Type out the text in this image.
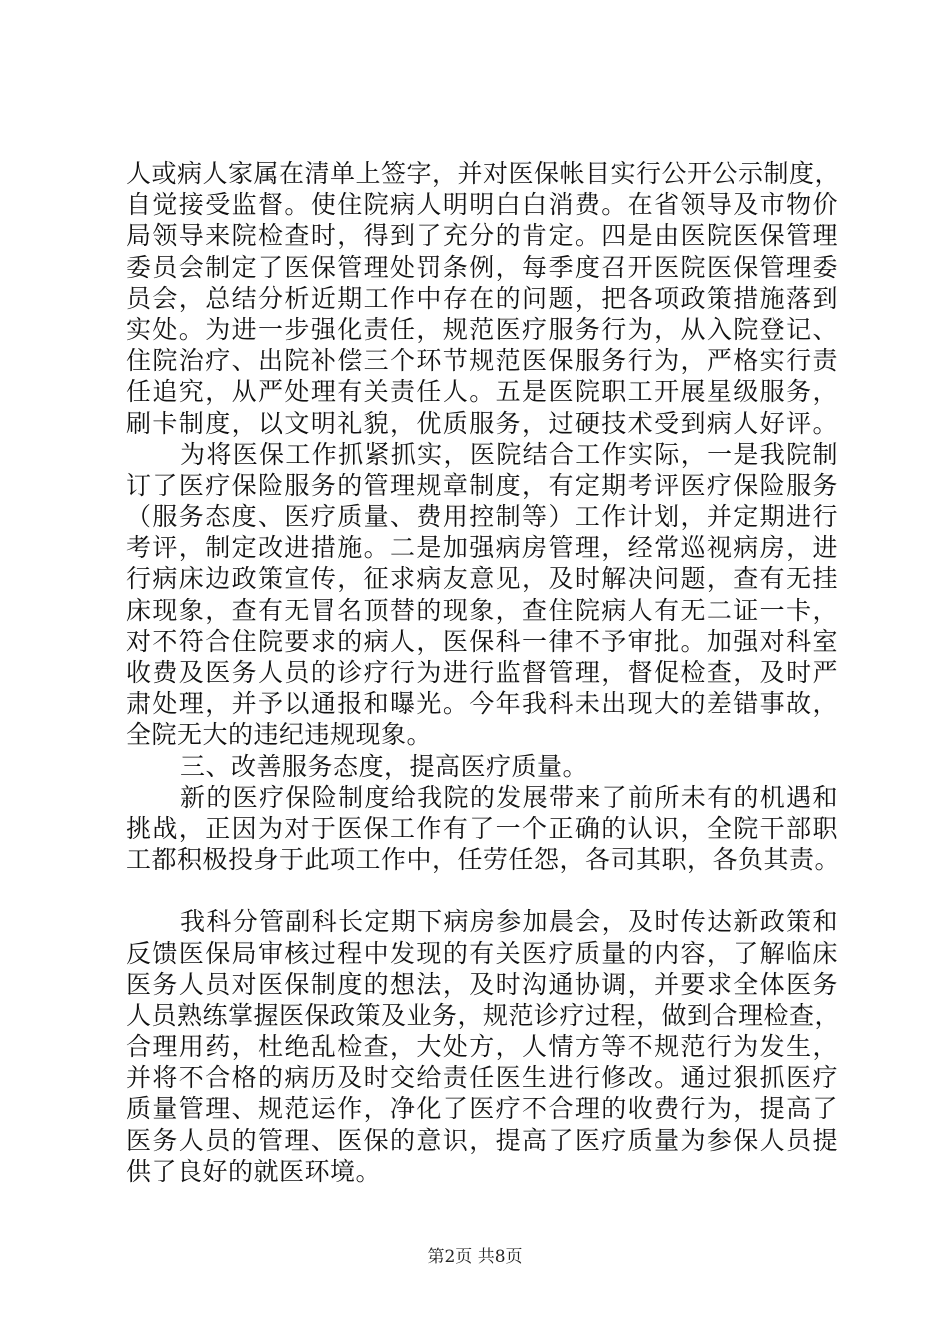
人或病人家属在清单上签字，并对医保帐目实行公开公示制度，
自觉接受监督。使住院病人明明白白消费。在省领导及市物价
局领导来院检查时，得到了充分的肯定。四是由医院医保管理
委员会制定了医保管理处罚条例，每季度召开医院医保管理委
员会，总结分析近期工作中存在的问题，把各项政策措施落到
实处。为进一步强化责任，规范医疗服务行为，从入院登记、
住院治疗、出院补偿三个环节规范医保服务行为，严格实行责
任追究，从严处理有关责任人。五是医院职工开展星级服务，
刷卡制度，以文明礼貌，优质服务，过硬技术受到病人好评。
为将医保工作抓紧抓实，医院结合工作实际，一是我院制
订了医疗保险服务的管理规章制度，有定期考评医疗保险服务
（服务态度、医疗质量、费用控制等）工作计划，并定期进行
考评，制定改进措施。二是加强病房管理，经常巡视病房，进
行病床边政策宣传，征求病友意见，及时解决问题，查有无挂
床现象，查有无冒名顶替的现象，查住院病人有无二证一卡，
对不符合住院要求的病人，医保科一律不予审批。加强对科室
收费及医务人员的诊疗行为进行监督管理，督促检查，及时严
肃处理，并予以通报和曝光。今年我科未出现大的差错事故，
全院无大的违纪违规现象。
三、改善服务态度，提高医疗质量。
新的医疗保险制度给我院的发展带来了前所未有的机遇和
挑战，正因为对于医保工作有了一个正确的认识，全院干部职
工都积极投身于此项工作中，任劳任怨，各司其职，各负其责。
我科分管副科长定期下病房参加晨会，及时传达新政策和
反馈医保局审核过程中发现的有关医疗质量的内容，了解临床
医务人员对医保制度的想法，及时沟通协调，并要求全体医务
人员熟练掌握医保政策及业务，规范诊疗过程，做到合理检查，
合理用药，杜绝乱检查，大处方，人情方等不规范行为发生，
并将不合格的病历及时交给责任医生进行修改。通过狠抓医疗
质量管理、规范运作，净化了医疗不合理的收费行为，提高了
医务人员的管理、医保的意识，提高了医疗质量为参保人员提
供了良好的就医环境。
第2页 共8页
